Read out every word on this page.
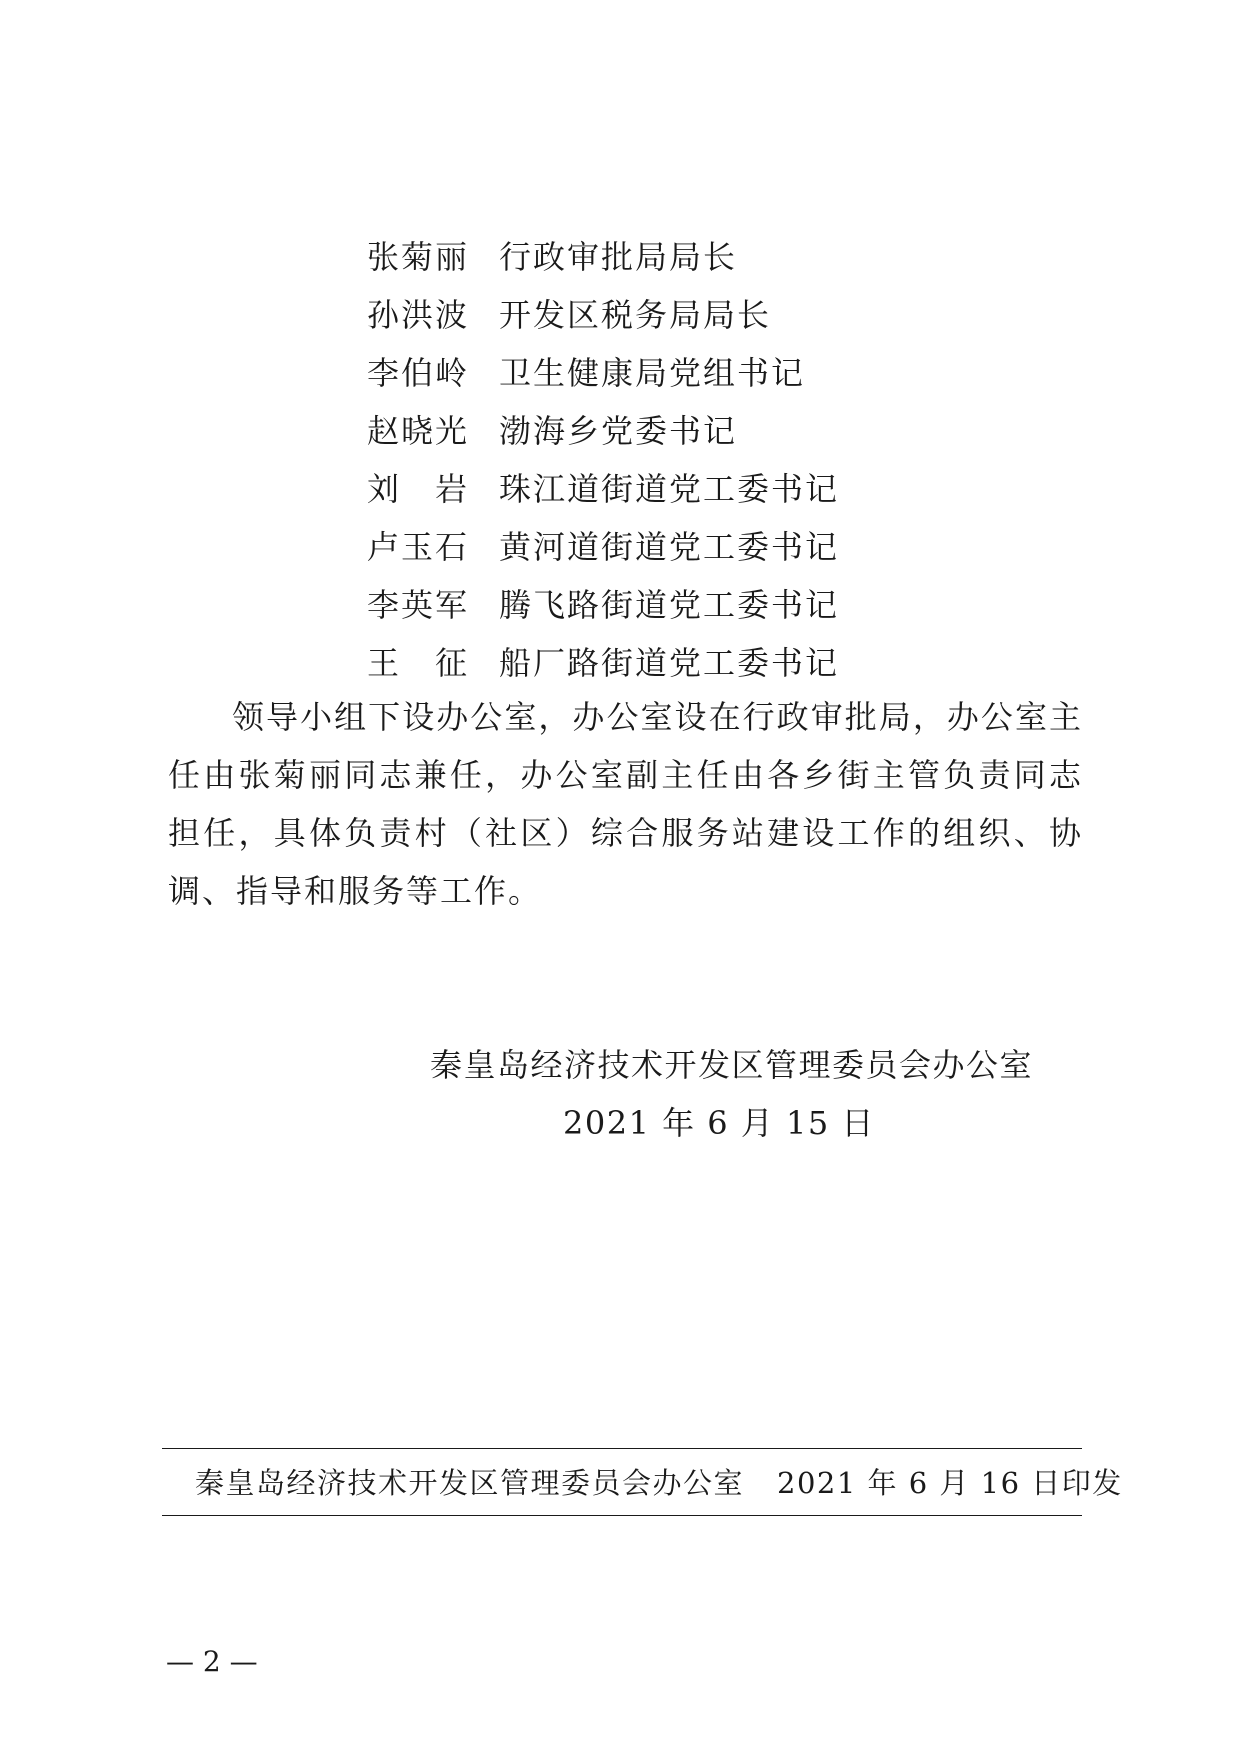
张菊丽 行政审批局局长
孙洪波 开发区税务局局长
李伯岭 卫生健康局党组书记
赵晓光 渤海乡党委书记
刘　岩 珠江道街道党工委书记
卢玉石 黄河道街道党工委书记
李英军 腾飞路街道党工委书记
王　征 船厂路街道党工委书记

领导小组下设办公室，办公室设在行政审批局，办公室主任由张菊丽同志兼任，办公室副主任由各乡街主管负责同志担任，具体负责村（社区）综合服务站建设工作的组织、协调、指导和服务等工作。

秦皇岛经济技术开发区管理委员会办公室
2021 年 6 月 15 日
秦皇岛经济技术开发区管理委员会办公室 2021 年 6 月 16 日印发
— 2 —
